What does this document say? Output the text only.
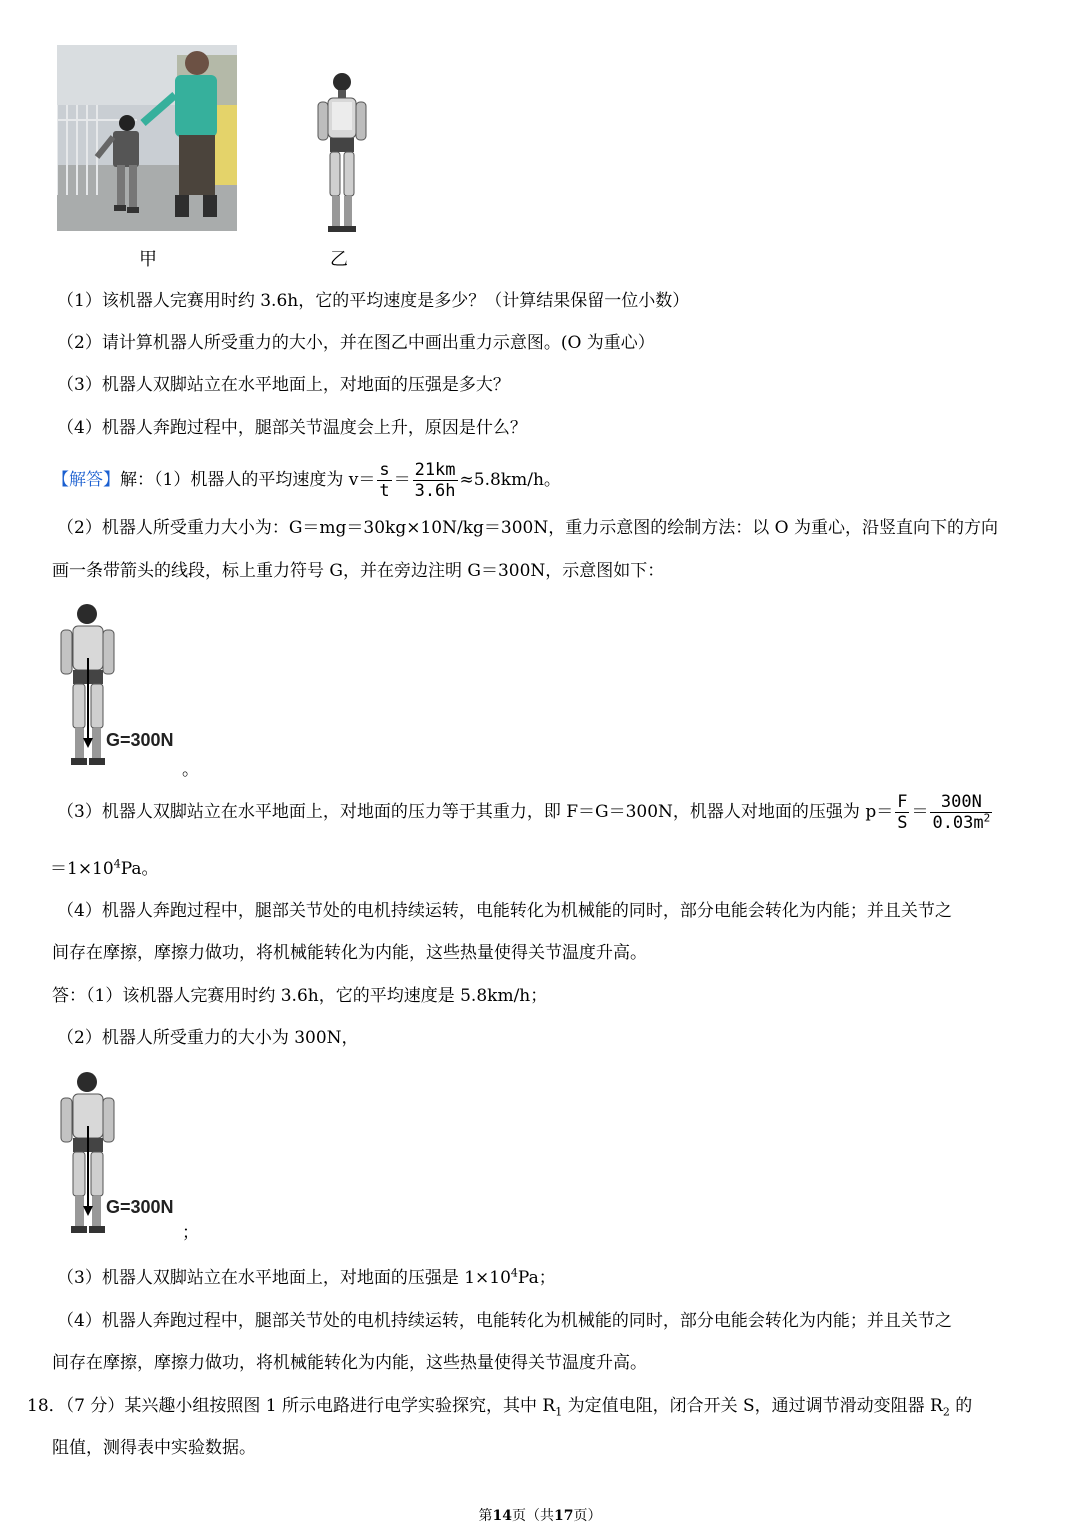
甲	乙
（1）该机器人完赛用时约 3.6h，它的平均速度是多少？（计算结果保留一位小数）
（2）请计算机器人所受重力的大小，并在图乙中画出重力示意图。(O 为重心）
（3）机器人双脚站立在水平地面上，对地面的压强是多大？
（4）机器人奔跑过程中，腿部关节温度会上升，原因是什么？
【解答】解：（1）机器人的平均速度为 $v= \frac{s}{t} = \frac{21km}{3.6h} \approx 5.8km/h$。
（2）机器人所受重力大小为：G＝mg＝30kg×10N/kg＝300N，重力示意图的绘制方法：以 O 为重心，沿竖直向下的方向
画一条带箭头的线段，标上重力符号 G，并在旁边注明 G＝300N，示意图如下：
G=300N
。
（3）机器人双脚站立在水平地面上，对地面的压力等于其重力，即 F＝G＝300N，机器人对地面的压强为 $p= \frac{F}{S} = \frac{300N}{0.03m^2}$
$=1\times 10^4Pa$。
（4）机器人奔跑过程中，腿部关节处的电机持续运转，电能转化为机械能的同时，部分电能会转化为内能；并且关节之
间存在摩擦，摩擦力做功，将机械能转化为内能，这些热量使得关节温度升高。
答：（1）该机器人完赛用时约 3.6h，它的平均速度是 5.8km/h；
（2）机器人所受重力的大小为 300N，
G=300N
；
（3）机器人双脚站立在水平地面上，对地面的压强是 $1\times 10^4Pa$；
（4）机器人奔跑过程中，腿部关节处的电机持续运转，电能转化为机械能的同时，部分电能会转化为内能；并且关节之
间存在摩擦，摩擦力做功，将机械能转化为内能，这些热量使得关节温度升高。
18．（7 分）某兴趣小组按照图 1 所示电路进行电学实验探究，其中 $R_1$ 为定值电阻，闭合开关 S，通过调节滑动变阻器 $R_2$ 的
阻值，测得表中实验数据。
第14页（共17页）
